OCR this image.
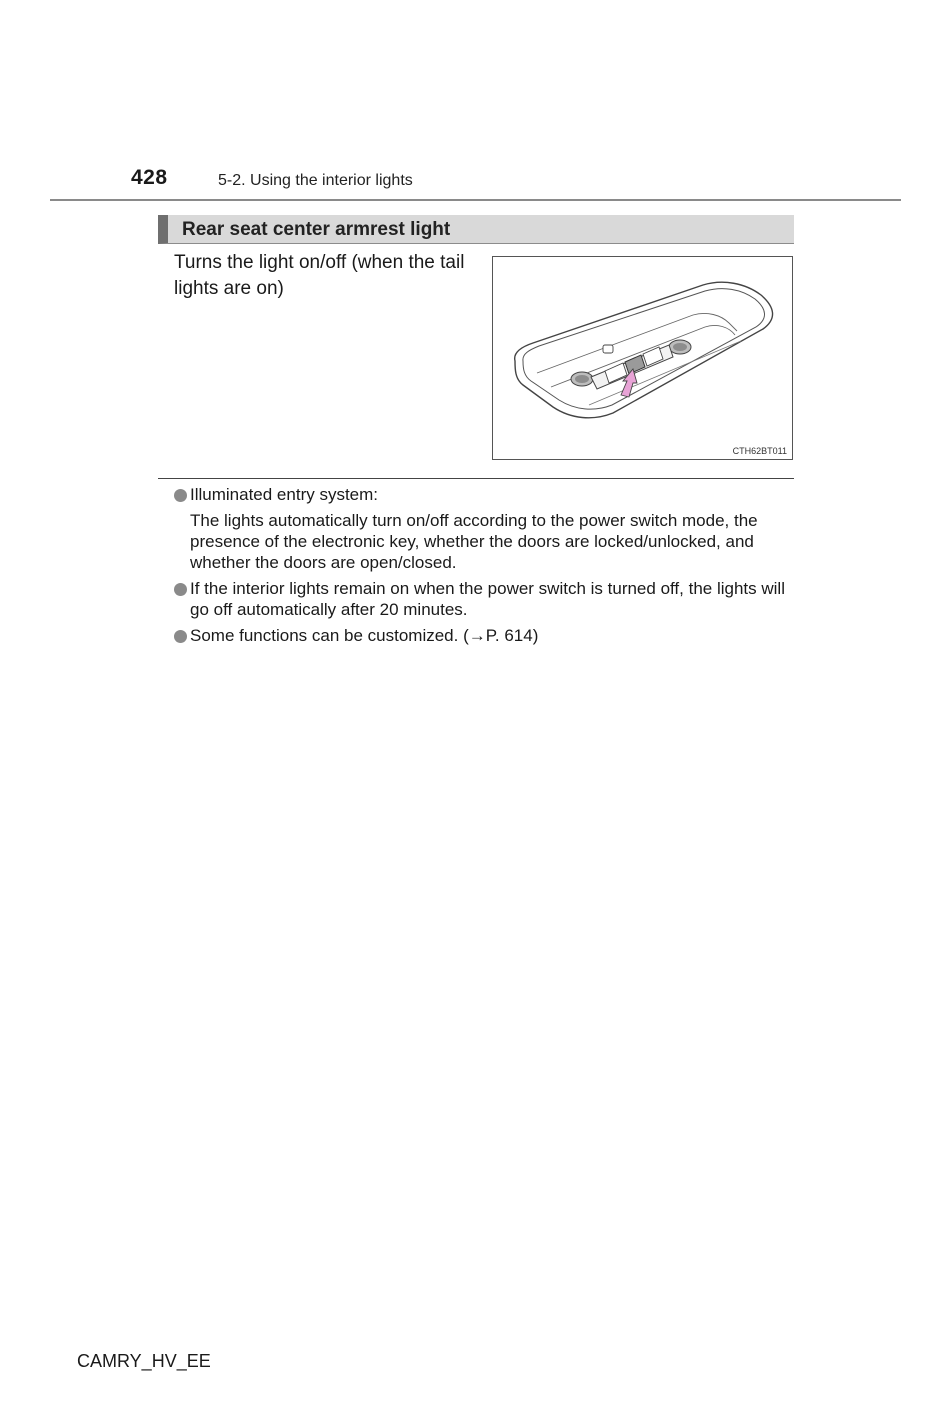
428	5-2. Using the interior lights
Rear seat center armrest light
Turns the light on/off (when the tail lights are on)
CTH62BT011
Illuminated entry system:
The lights automatically turn on/off according to the power switch mode, the presence of the electronic key, whether the doors are locked/unlocked, and whether the doors are open/closed.
If the interior lights remain on when the power switch is turned off, the lights will go off automatically after 20 minutes.
Some functions can be customized. (→P. 614)
CAMRY_HV_EE
